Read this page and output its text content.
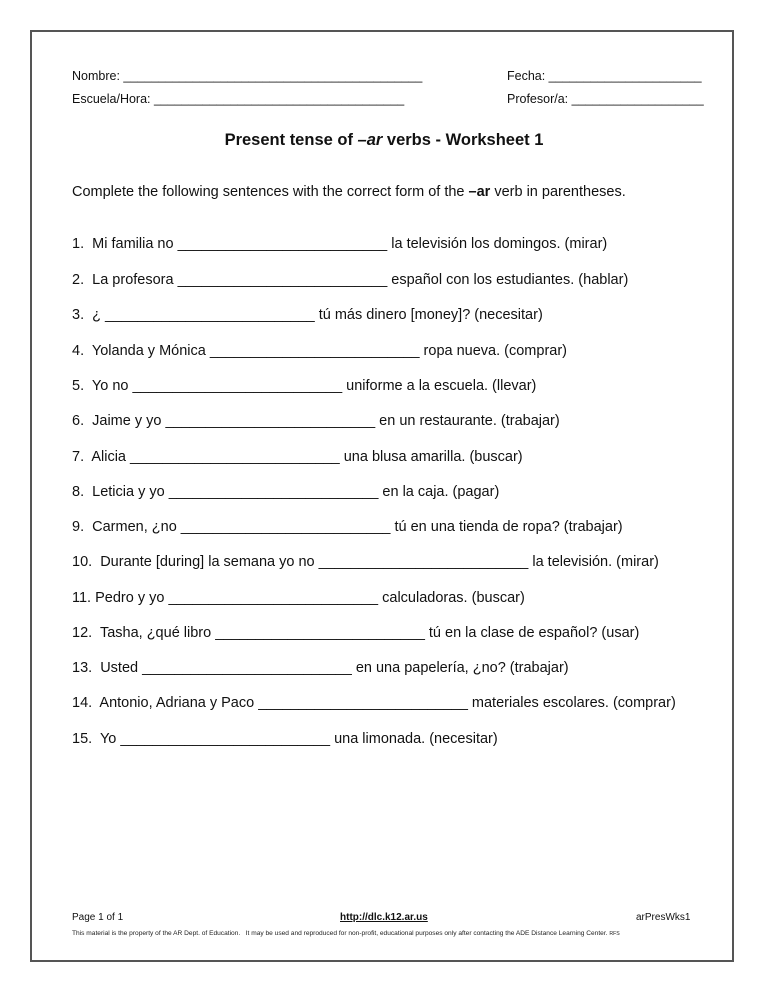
Nombre: ___________________________________________	Fecha: ______________________
Escuela/Hora: ____________________________________	Profesor/a: ___________________
Present tense of –ar verbs - Worksheet 1
Complete the following sentences with the correct form of the –ar verb in parentheses.
1.  Mi familia no __________________________ la televisión los domingos. (mirar)
2.  La profesora __________________________ español con los estudiantes. (hablar)
3.  ¿ __________________________ tú más dinero [money]? (necesitar)
4.  Yolanda y Mónica __________________________ ropa nueva. (comprar)
5.  Yo no __________________________ uniforme a la escuela. (llevar)
6.  Jaime y yo __________________________ en un restaurante. (trabajar)
7.  Alicia __________________________ una blusa amarilla. (buscar)
8.  Leticia y yo __________________________ en la caja. (pagar)
9.  Carmen, ¿no __________________________ tú en una tienda de ropa? (trabajar)
10.  Durante [during] la semana yo no __________________________ la televisión. (mirar)
11. Pedro y yo __________________________ calculadoras. (buscar)
12.  Tasha, ¿qué libro __________________________ tú en la clase de español? (usar)
13.  Usted __________________________ en una papelería, ¿no? (trabajar)
14.  Antonio, Adriana y Paco __________________________ materiales escolares. (comprar)
15.  Yo __________________________ una limonada. (necesitar)
Page 1 of 1	http://dlc.k12.ar.us	arPresWks1
This material is the property of the AR Dept. of Education.   It may be used and reproduced for non-profit, educational purposes only after contacting the ADE Distance Learning Center. RFS
